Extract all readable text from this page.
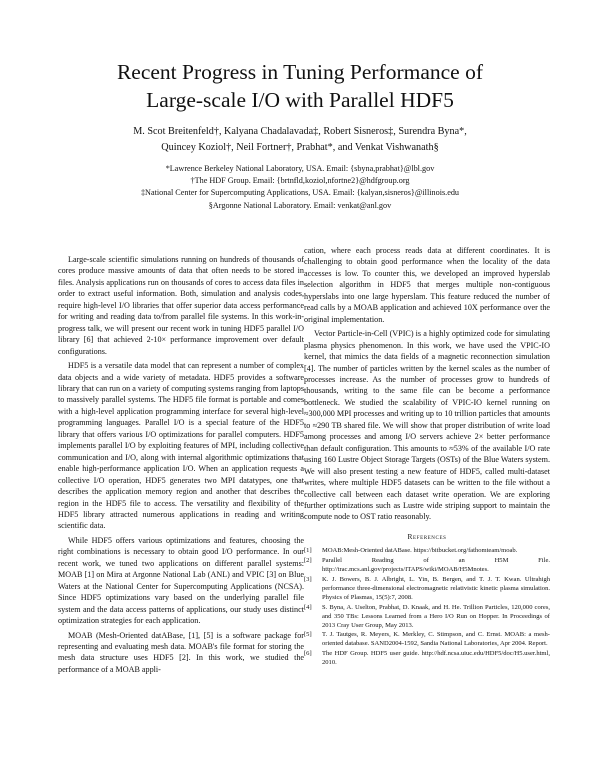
Recent Progress in Tuning Performance of
Large-scale I/O with Parallel HDF5
M. Scot Breitenfeld†, Kalyana Chadalavada‡, Robert Sisneros‡, Surendra Byna*,
Quincey Koziol†, Neil Fortner†, Prabhat*, and Venkat Vishwanath§
*Lawrence Berkeley National Laboratory, USA. Email: {sbyna,prabhat}@lbl.gov
†The HDF Group. Email: {brtnfld,koziol,nfortne2}@hdfgroup.org
‡National Center for Supercomputing Applications, USA. Email: {kalyan,sisneros}@illinois.edu
§Argonne National Laboratory. Email: venkat@anl.gov

Large-scale scientific simulations running on hundreds of thousands of cores produce massive amounts of data that often needs to be stored in files. Analysis applications run on thousands of cores to access data files in order to extract useful information. Both, simulation and analysis codes, require high-level I/O libraries that offer superior data access performance for writing and reading data to/from parallel file systems. In this work-in-progress talk, we will present our recent work in tuning HDF5 parallel I/O library [6] that achieved 2-10× performance improvement over default configurations.

HDF5 is a versatile data model that can represent a number of complex data objects and a wide variety of metadata. HDF5 provides a software library that can run on a variety of computing systems ranging from laptops to massively parallel systems. The HDF5 file format is portable and comes with a high-level application programming interface for several high-level programming languages. Parallel I/O is a special feature of the HDF5 library that offers various I/O optimizations for parallel computers. HDF5 implements parallel I/O by exploiting features of MPI, including collective communication and I/O, along with internal algorithmic optimizations that enable high-performance application I/O. When an application requests a collective I/O operation, HDF5 generates two MPI datatypes, one that describes the application memory region and another that describes the region in the HDF5 file to access. The versatility and flexibility of the HDF5 library attracted numerous applications in reading and writing scientific data.

While HDF5 offers various optimizations and features, choosing the right combinations is necessary to obtain good I/O performance. In our recent work, we tuned two applications on different parallel systems: MOAB [1] on Mira at Argonne National Lab (ANL) and VPIC [3] on Blue Waters at the National Center for Supercomputing Applications (NCSA). Since HDF5 optimizations vary based on the underlying parallel file system and the data access patterns of applications, our study uses distinct optimization strategies for each application.

MOAB (Mesh-Oriented datABase, [1], [5] is a software package for representing and evaluating mesh data. MOAB's file format for storing the mesh data structure uses HDF5 [2]. In this work, we studied the performance of a MOAB appli-

cation, where each process reads data at different coordinates. It is challenging to obtain good performance when the locality of the data accesses is low. To counter this, we developed an improved hyperslab selection algorithm in HDF5 that merges multiple non-contiguous hyperslabs into one large hyperslam. This feature reduced the number of read calls by a MOAB application and achieved 10X performance over the original implementation.

Vector Particle-in-Cell (VPIC) is a highly optimized code for simulating plasma physics phenomenon. In this work, we have used the VPIC-IO kernel, that mimics the data fields of a magnetic reconnection simulation [4]. The number of particles written by the kernel scales as the number of processes increase. As the number of processes grow to hundreds of thousands, writing to the same file can be become a performance bottleneck. We studied the scalability of VPIC-IO kernel running on ≈300,000 MPI processes and writing up to 10 trillion particles that amounts to ≈290 TB shared file. We will show that proper distribution of write load among processes and among I/O servers achieve 2× better performance than default configuration. This amounts to ≈53% of the available I/O rate using 160 Lustre Object Storage Targets (OSTs) of the Blue Waters system. We will also present testing a new feature of HDF5, called multi-dataset writes, where multiple HDF5 datasets can be written to the file without a collective call between each dataset write operation. We are exploring further optimizations such as Lustre wide striping support to maintain the compute node to OST ratio reasonably.

References
[1] MOAB:Mesh-Oriented datABase. https://bitbucket.org/fathomteam/moab.
[2] Parallel Reading of an H5M File. http://trac.mcs.anl.gov/projects/ITAPS/wiki/MOAB/H5Mnotes.
[3] K. J. Bowers, B. J. Albright, L. Yin, B. Bergen, and T. J. T. Kwan. Ultrahigh performance three-dimensional electromagnetic relativistic kinetic plasma simulation. Physics of Plasmas, 15(5):7, 2008.
[4] S. Byna, A. Uselton, Prabhat, D. Knaak, and H. He. Trillion Particles, 120,000 cores, and 350 TBs: Lessons Learned from a Hero I/O Run on Hopper. In Proceedings of 2013 Cray User Group, May 2013.
[5] T. J. Tautges, R. Meyers, K. Merkley, C. Stimpson, and C. Ernst. MOAB: a mesh-oriented database. SAND2004-1592, Sandia National Laboratories, Apr 2004. Report.
[6] The HDF Group. HDF5 user guide. http://hdf.ncsa.uiuc.edu/HDF5/doc/H5.user.html, 2010.
